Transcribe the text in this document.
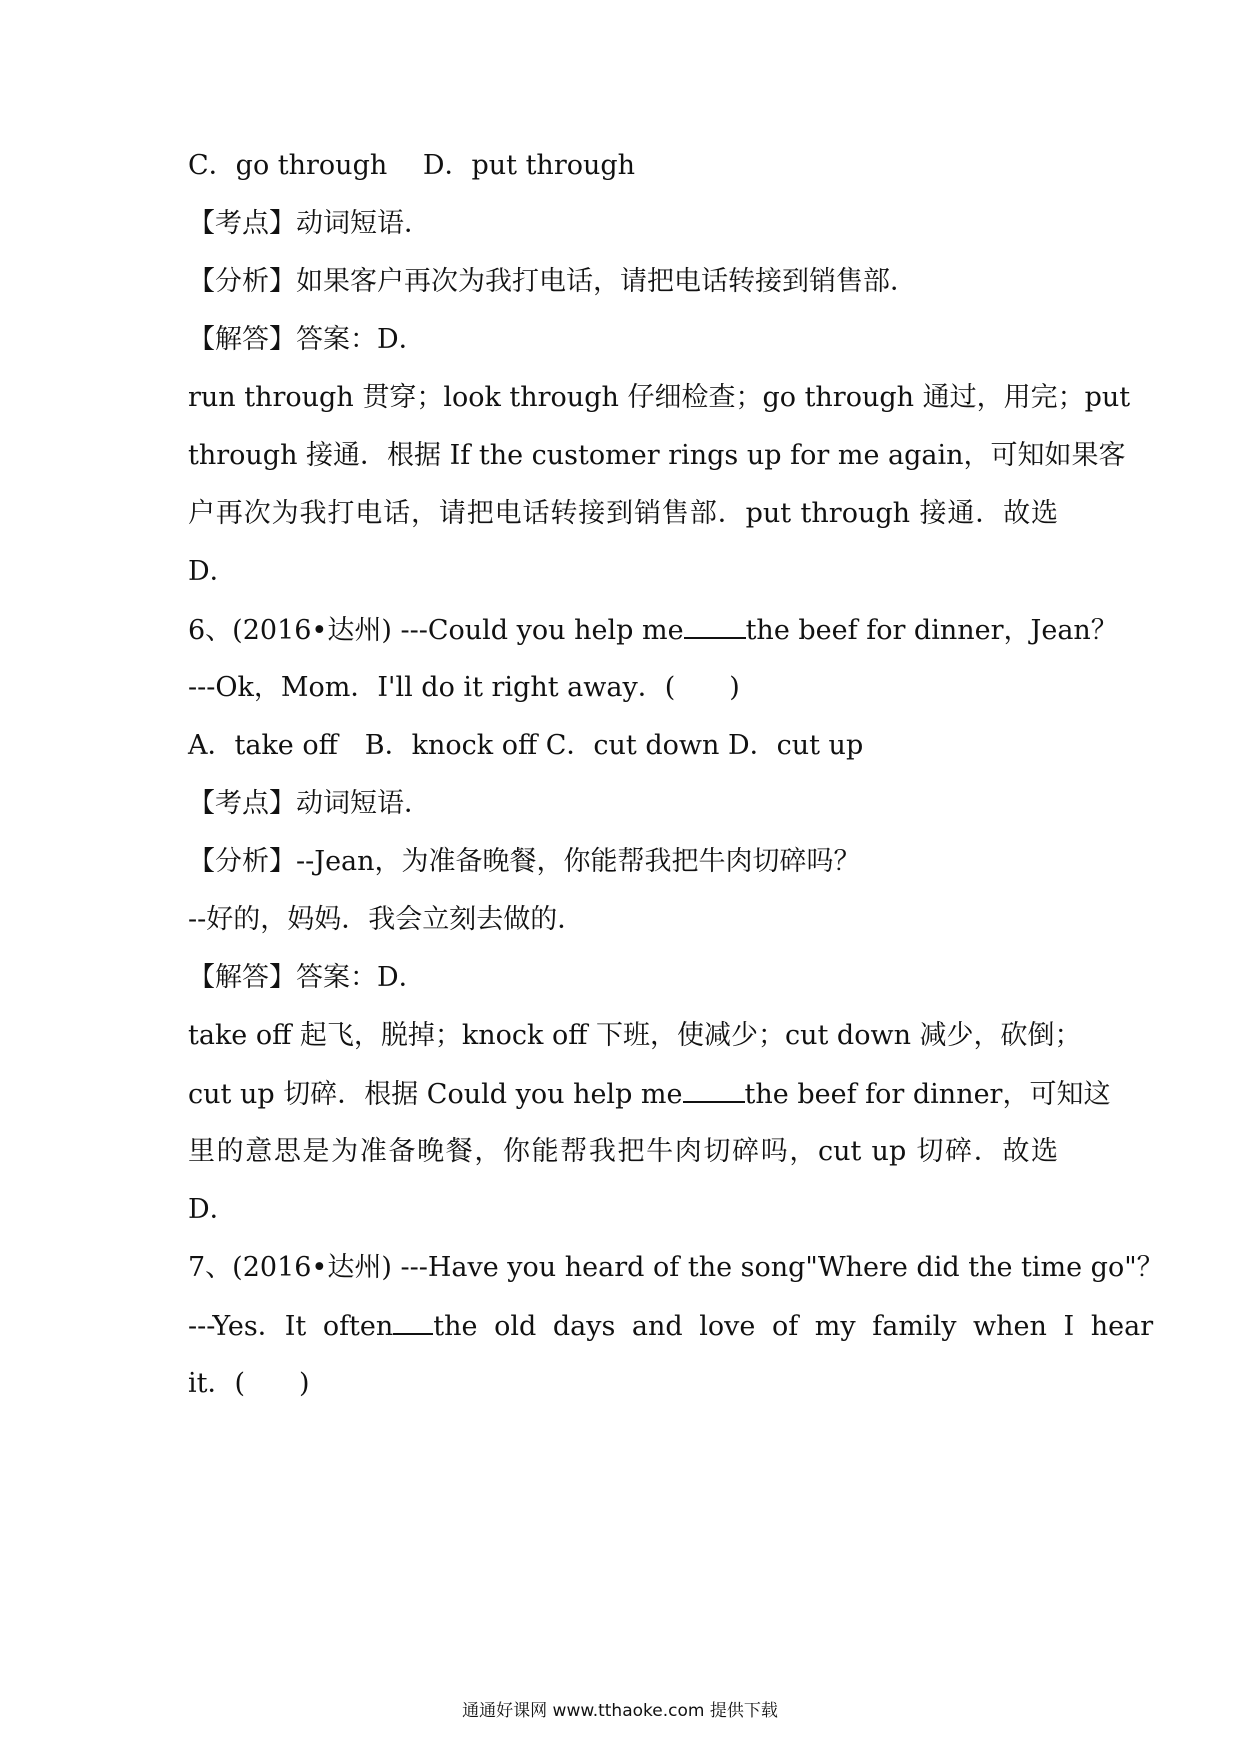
C．go through　 D．put through
【考点】动词短语．
【分析】如果客户再次为我打电话，请把电话转接到销售部．
【解答】答案：D．
run through 贯穿；look through 仔细检查；go through 通过，用完；put
through 接通．根据 If the customer rings up for me again，可知如果客
户再次为我打电话，请把电话转接到销售部．put through 接通．故选
D．
6、(2016•达州) ---Could you help me the beef for dinner，Jean？
---Ok，Mom．I'll do it right away．(　　)
A．take off　B．knock off C．cut down D．cut up
【考点】动词短语．
【分析】--Jean，为准备晚餐，你能帮我把牛肉切碎吗？
--好的，妈妈．我会立刻去做的．
【解答】答案：D．
take off 起飞，脱掉；knock off 下班，使减少；cut down 减少，砍倒；
cut up 切碎．根据 Could you help me the beef for dinner，可知这
里的意思是为准备晚餐，你能帮我把牛肉切碎吗，cut up 切碎．故选
D．
7、(2016•达州) ---Have you heard of the song"Where did the time go"？
---Yes．It often the old days and love of my family when I hear
it．(　　)
通通好课网 www.tthaoke.com 提供下载
